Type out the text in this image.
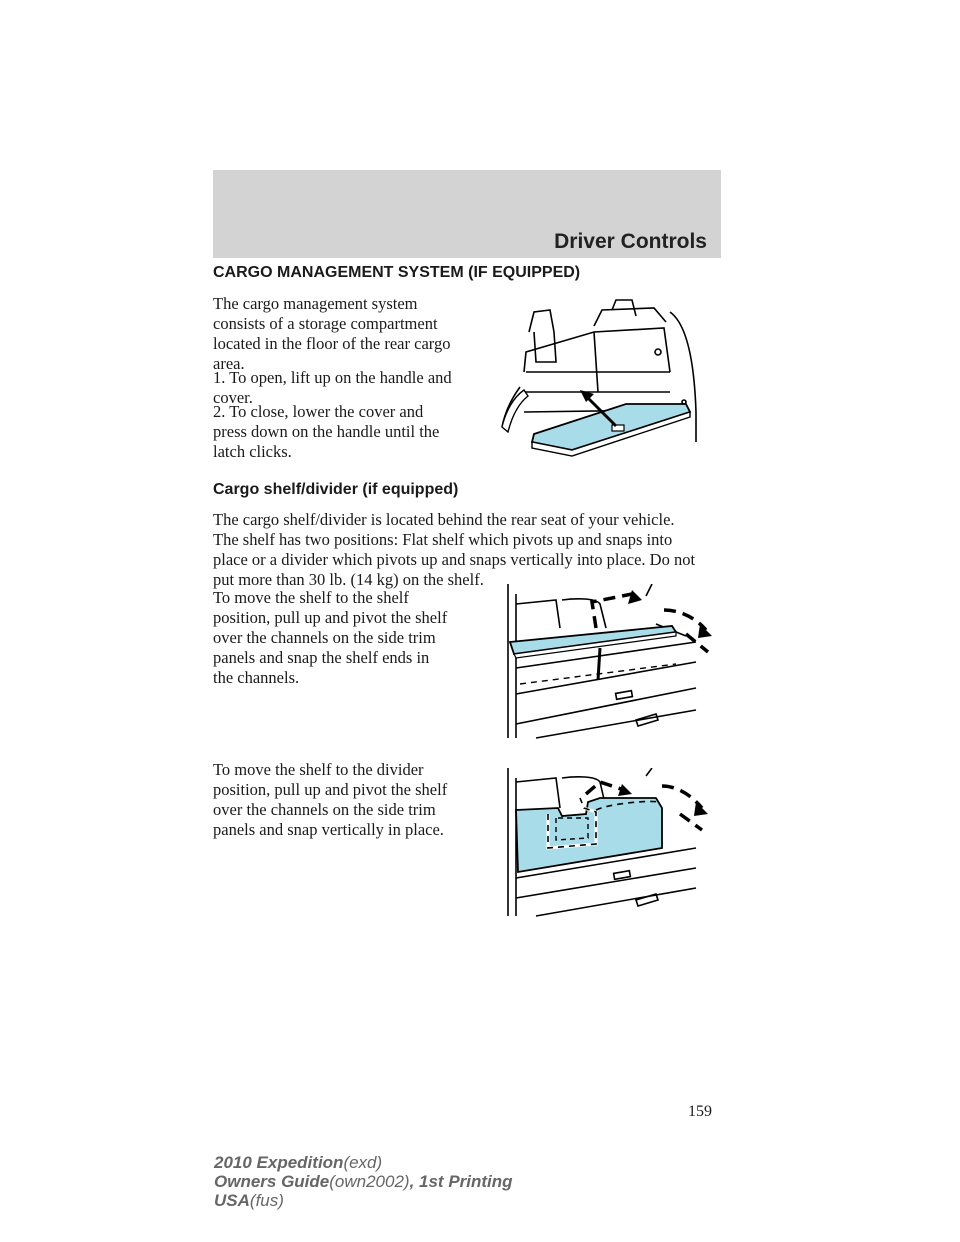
Driver Controls
CARGO MANAGEMENT SYSTEM (IF EQUIPPED)

The cargo management system
consists of a storage compartment
located in the floor of the rear cargo
area.

1. To open, lift up on the handle and
cover.

2. To close, lower the cover and
press down on the handle until the
latch clicks.

Cargo shelf/divider (if equipped)

The cargo shelf/divider is located behind the rear seat of your vehicle.
The shelf has two positions: Flat shelf which pivots up and snaps into
place or a divider which pivots up and snaps vertically into place. Do not
put more than 30 lb. (14 kg) on the shelf.

To move the shelf to the shelf
position, pull up and pivot the shelf
over the channels on the side trim
panels and snap the shelf ends in
the channels.

To move the shelf to the divider
position, pull up and pivot the shelf
over the channels on the side trim
panels and snap vertically in place.

159
2010 Expedition(exd)
Owners Guide(own2002), 1st Printing
USA(fus)
